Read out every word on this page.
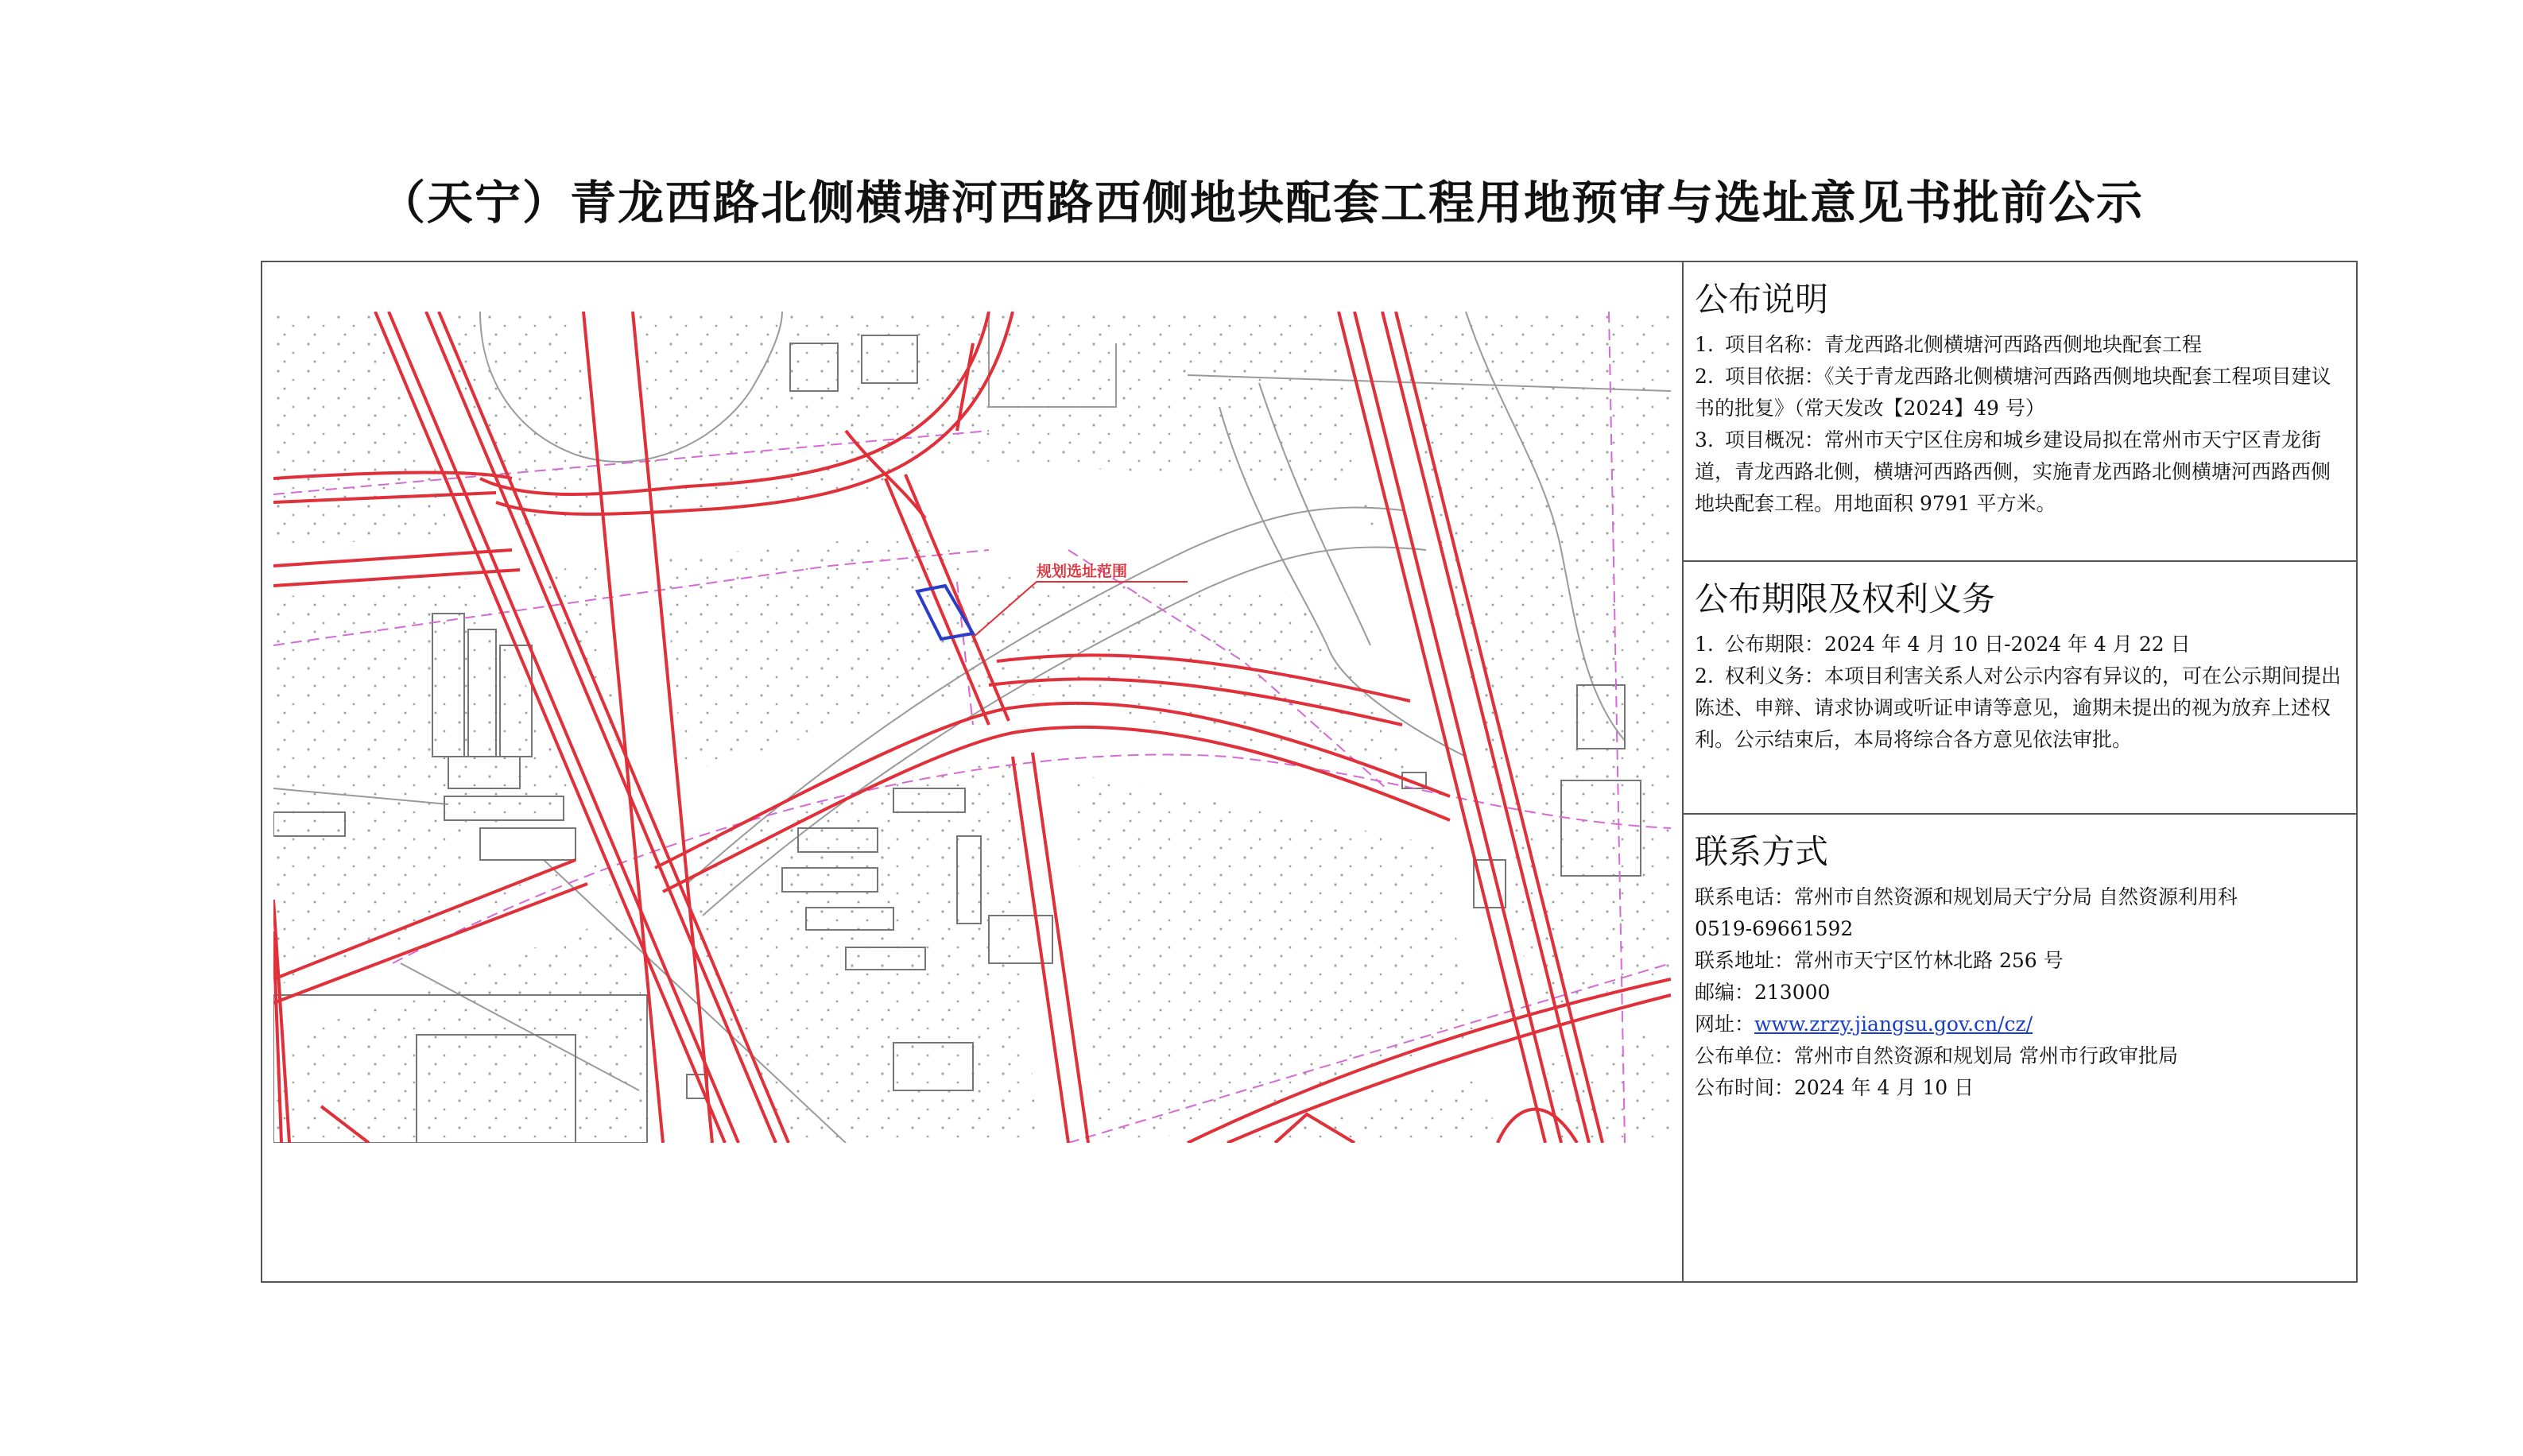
（天宁）青龙西路北侧横塘河西路西侧地块配套工程用地预审与选址意见书批前公示
规划选址范围
公布说明
1. 项目名称：青龙西路北侧横塘河西路西侧地块配套工程
2. 项目依据：《关于青龙西路北侧横塘河西路西侧地块配套工程项目建议书的批复》（常天发改【2024】49 号）
3. 项目概况：常州市天宁区住房和城乡建设局拟在常州市天宁区青龙街道，青龙西路北侧，横塘河西路西侧，实施青龙西路北侧横塘河西路西侧地块配套工程。用地面积 9791 平方米。
公布期限及权利义务
1. 公布期限：2024 年 4 月 10 日-2024 年 4 月 22 日
2. 权利义务：本项目利害关系人对公示内容有异议的，可在公示期间提出陈述、申辩、请求协调或听证申请等意见，逾期未提出的视为放弃上述权利。公示结束后，本局将综合各方意见依法审批。
联系方式
联系电话：常州市自然资源和规划局天宁分局 自然资源利用科
0519-69661592
联系地址：常州市天宁区竹林北路 256 号
邮编：213000
网址：www.zrzy.jiangsu.gov.cn/cz/
公布单位：常州市自然资源和规划局 常州市行政审批局
公布时间：2024 年 4 月 10 日
